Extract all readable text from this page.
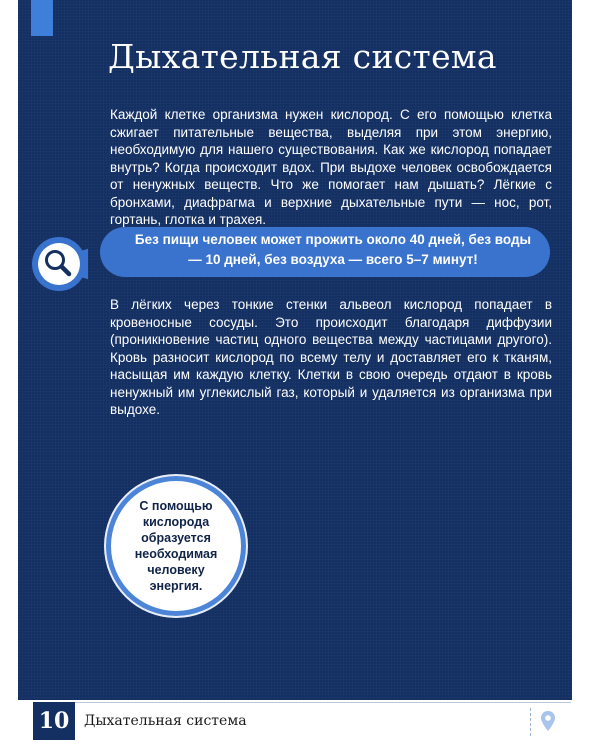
Дыхательная система

Каждой клетке организма нужен кислород. С его помощью клетка сжигает питательные вещества, выделяя при этом энергию, необходимую для нашего существования. Как же кислород попадает внутрь? Когда происходит вдох. При выдохе человек освобождается от ненужных веществ. Что же помогает нам дышать? Лёгкие с бронхами, диафрагма и верхние дыхательные пути — нос, рот, гортань, глотка и трахея.

Без пищи человек может прожить около 40 дней, без воды — 10 дней, без воздуха — всего 5–7 минут!

В лёгких через тонкие стенки альвеол кислород попадает в кровеносные сосуды. Это происходит благодаря диффузии (проникновение частиц одного вещества между частицами другого). Кровь разносит кислород по всему телу и доставляет его к тканям, насыщая им каждую клетку. Клетки в свою очередь отдают в кровь ненужный им углекислый газ, который и удаляется из организма при выдохе.

С помощью кислорода образуется необходимая человеку энергия.

10	Дыхательная система
